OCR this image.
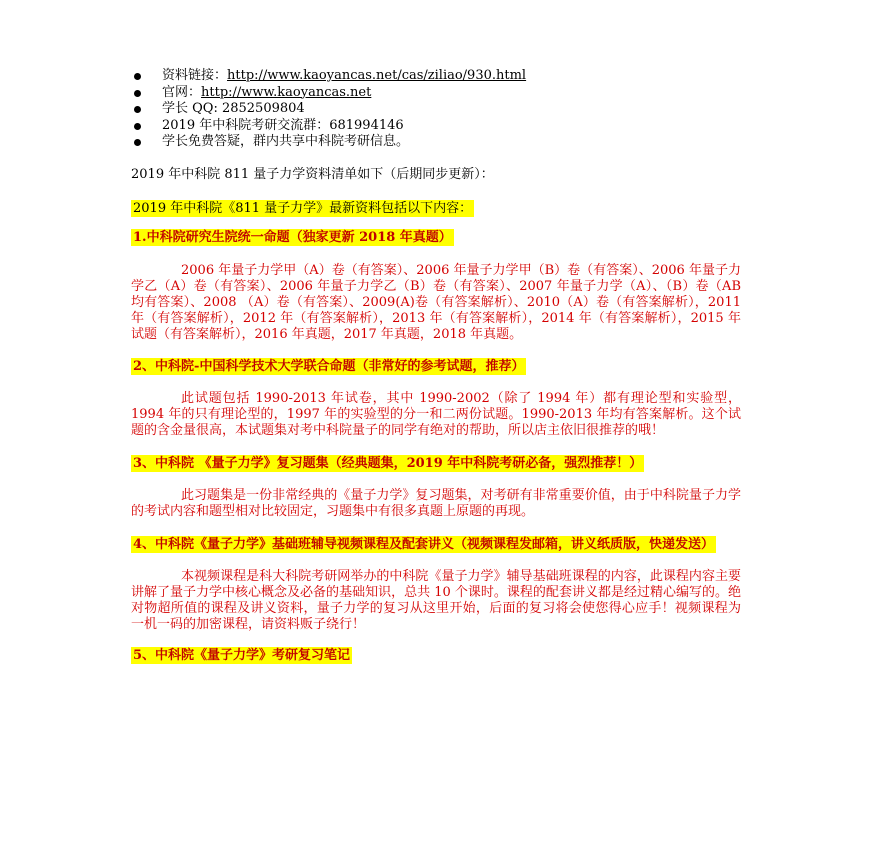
资料链接：http://www.kaoyancas.net/cas/ziliao/930.html
官网：http://www.kaoyancas.net
学长 QQ: 2852509804
2019 年中科院考研交流群：681994146
学长免费答疑，群内共享中科院考研信息。
2019 年中科院 811 量子力学资料清单如下（后期同步更新）：
2019 年中科院《811 量子力学》最新资料包括以下内容：
1.中科院研究生院统一命题（独家更新 2018 年真题）

2006 年量子力学甲（A）卷（有答案）、2006 年量子力学甲（B）卷（有答案）、2006 年量子力学乙（A）卷（有答案）、2006 年量子力学乙（B）卷（有答案）、2007 年量子力学（A）、（B）卷（AB 均有答案）、2008 （A）卷（有答案）、2009(A)卷（有答案解析）、2010（A）卷（有答案解析），2011 年（有答案解析），2012 年（有答案解析），2013 年（有答案解析），2014 年（有答案解析），2015 年试题（有答案解析），2016 年真题，2017 年真题，2018 年真题。

2、中科院-中国科学技术大学联合命题（非常好的参考试题，推荐）

此试题包括 1990-2013 年试卷，其中 1990-2002（除了 1994 年）都有理论型和实验型，1994 年的只有理论型的，1997 年的实验型的分一和二两份试题。1990-2013 年均有答案解析。这个试题的含金量很高，本试题集对考中科院量子的同学有绝对的帮助，所以店主依旧很推荐的哦！

3、中科院 《量子力学》复习题集（经典题集，2019 年中科院考研必备，强烈推荐！）

此习题集是一份非常经典的《量子力学》复习题集，对考研有非常重要价值，由于中科院量子力学的考试内容和题型相对比较固定，习题集中有很多真题上原题的再现。

4、中科院《量子力学》基础班辅导视频课程及配套讲义（视频课程发邮箱，讲义纸质版，快递发送）

本视频课程是科大科院考研网举办的中科院《量子力学》辅导基础班课程的内容，此课程内容主要讲解了量子力学中核心概念及必备的基础知识，总共 10 个课时。课程的配套讲义都是经过精心编写的。绝对物超所值的课程及讲义资料，量子力学的复习从这里开始，后面的复习将会使您得心应手！视频课程为一机一码的加密课程，请资料贩子绕行！

5、中科院《量子力学》考研复习笔记
